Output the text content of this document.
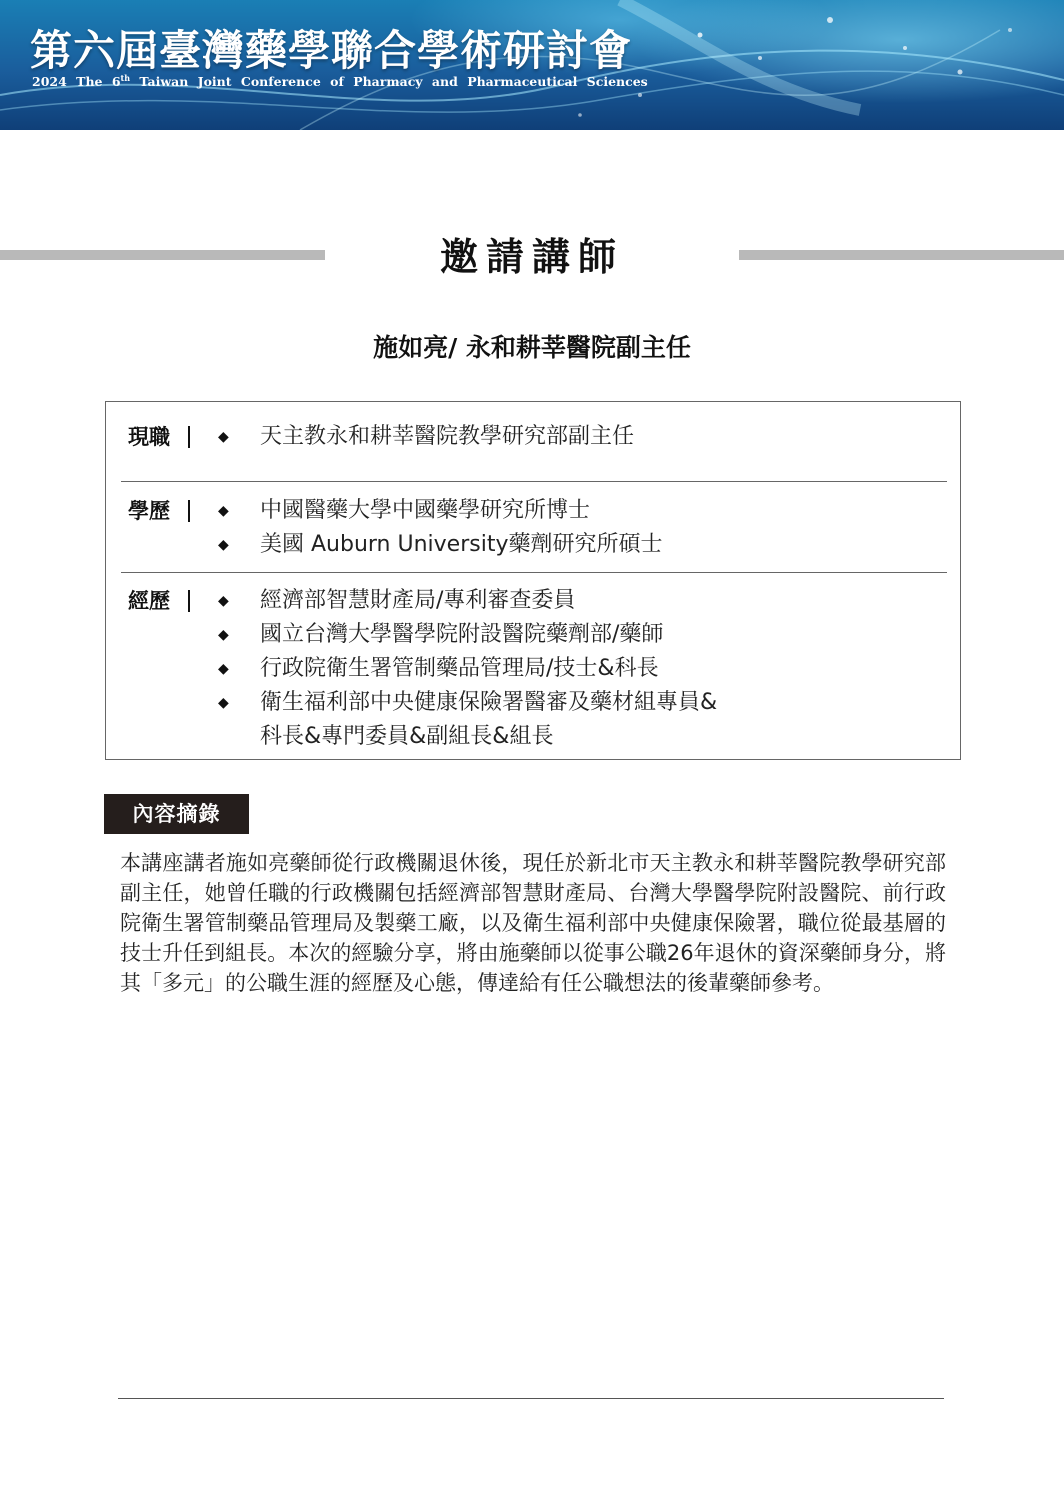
第六屆臺灣藥學聯合學術研討會
2024 The 6th Taiwan Joint Conference of Pharmacy and Pharmaceutical Sciences
邀請講師
施如亮/ 永和耕莘醫院副主任
現職	◆ 天主教永和耕莘醫院教學研究部副主任
學歷	◆ 中國醫藥大學中國藥學研究所博士
◆ 美國 Auburn University藥劑研究所碩士
經歷	◆ 經濟部智慧財產局/專利審查委員
◆ 國立台灣大學醫學院附設醫院藥劑部/藥師
◆ 行政院衛生署管制藥品管理局/技士&科長
◆ 衛生福利部中央健康保險署醫審及藥材組專員&
科長&專門委員&副組長&組長
內容摘錄

本講座講者施如亮藥師從行政機關退休後，現任於新北市天主教永和耕莘醫院教學研究部副主任，她曾任職的行政機關包括經濟部智慧財產局、台灣大學醫學院附設醫院、前行政院衛生署管制藥品管理局及製藥工廠，以及衛生福利部中央健康保險署，職位從最基層的技士升任到組長。本次的經驗分享，將由施藥師以從事公職26年退休的資深藥師身分，將其「多元」的公職生涯的經歷及心態，傳達給有任公職想法的後輩藥師參考。
